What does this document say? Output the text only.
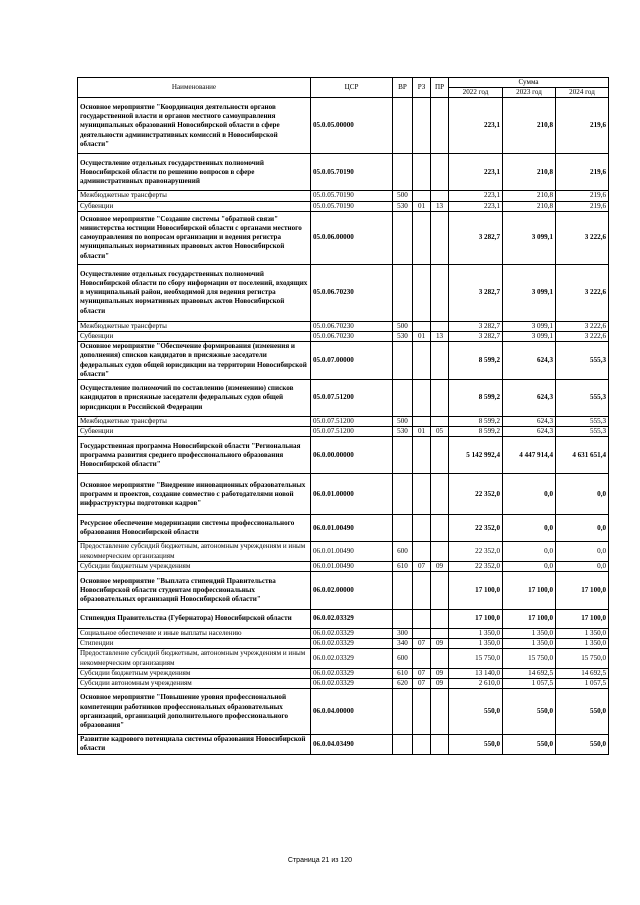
Наименование	ЦСР	ВР	РЗ	ПР	Сумма		
					2022 год	2023 год	2024 год
Основное мероприятие "Координация деятельности органов государственной власти и органов местного самоуправления муниципальных образований Новосибирской области в сфере деятельности административных комиссий в Новосибирской области"	05.0.05.00000				223,1	210,8	219,6
Осуществление отдельных государственных полномочий Новосибирской области по решению вопросов в сфере административных правонарушений	05.0.05.70190				223,1	210,8	219,6
Межбюджетные трансферты	05.0.05.70190	500			223,1	210,8	219,6
Субвенции	05.0.05.70190	530	01	13	223,1	210,8	219,6
Основное мероприятие "Создание системы "обратной связи" министерства юстиции Новосибирской области с органами местного самоуправления по вопросам организации и ведения регистра муниципальных нормативных правовых актов Новосибирской области"	05.0.06.00000				3 282,7	3 099,1	3 222,6
Осуществление отдельных государственных полномочий Новосибирской области по сбору информации от поселений, входящих в муниципальный район, необходимой для ведения регистра муниципальных нормативных правовых актов Новосибирской области	05.0.06.70230				3 282,7	3 099,1	3 222,6
Межбюджетные трансферты	05.0.06.70230	500			3 282,7	3 099,1	3 222,6
Субвенции	05.0.06.70230	530	01	13	3 282,7	3 099,1	3 222,6
Основное мероприятие "Обеспечение формирования (изменения и дополнения) списков кандидатов в присяжные заседатели федеральных судов общей юрисдикции на территории Новосибирской области"	05.0.07.00000				8 599,2	624,3	555,3
Осуществление полномочий по составлению (изменению) списков кандидатов в присяжные заседатели федеральных судов общей юрисдикции в Российской Федерации	05.0.07.51200				8 599,2	624,3	555,3
Межбюджетные трансферты	05.0.07.51200	500			8 599,2	624,3	555,3
Субвенции	05.0.07.51200	530	01	05	8 599,2	624,3	555,3
Государственная программа Новосибирской области "Региональная программа развития среднего профессионального образования Новосибирской области"	06.0.00.00000				5 142 992,4	4 447 914,4	4 631 651,4
Основное мероприятие "Внедрение инновационных образовательных программ и проектов, создание совместно с работодателями новой инфраструктуры подготовки кадров"	06.0.01.00000				22 352,0	0,0	0,0
Ресурсное обеспечение модернизации системы профессионального образования Новосибирской области	06.0.01.00490				22 352,0	0,0	0,0
Предоставление субсидий бюджетным, автономным учреждениям и иным некоммерческим организациям	06.0.01.00490	600			22 352,0	0,0	0,0
Субсидии бюджетным учреждениям	06.0.01.00490	610	07	09	22 352,0	0,0	0,0
Основное мероприятие "Выплата стипендий Правительства Новосибирской области студентам профессиональных образовательных организаций Новосибирской области"	06.0.02.00000				17 100,0	17 100,0	17 100,0
Стипендия Правительства (Губернатора) Новосибирской области	06.0.02.03329				17 100,0	17 100,0	17 100,0
Социальное обеспечение и иные выплаты населению	06.0.02.03329	300			1 350,0	1 350,0	1 350,0
Стипендии	06.0.02.03329	340	07	09	1 350,0	1 350,0	1 350,0
Предоставление субсидий бюджетным, автономным учреждениям и иным некоммерческим организациям	06.0.02.03329	600			15 750,0	15 750,0	15 750,0
Субсидии бюджетным учреждениям	06.0.02.03329	610	07	09	13 140,0	14 692,5	14 692,5
Субсидии автономным учреждениям	06.0.02.03329	620	07	09	2 610,0	1 057,5	1 057,5
Основное мероприятие "Повышение уровня профессиональной компетенции работников профессиональных образовательных организаций, организаций дополнительного профессионального образования"	06.0.04.00000				550,0	550,0	550,0
Развитие кадрового потенциала системы образования Новосибирской области	06.0.04.03490				550,0	550,0	550,0
Страница 21 из 120
